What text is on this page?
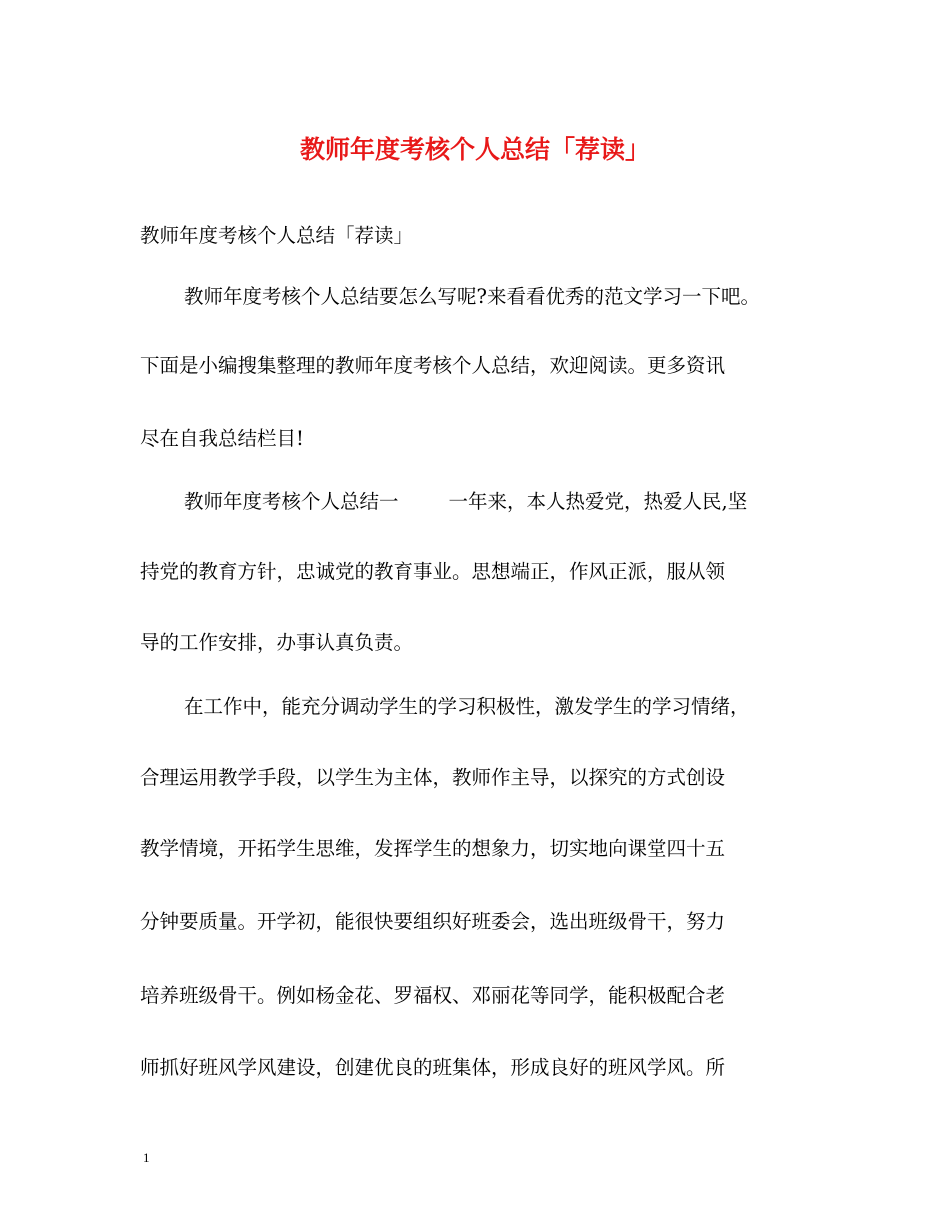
教师年度考核个人总结「荐读」
教师年度考核个人总结「荐读」
教师年度考核个人总结要怎么写呢?来看看优秀的范文学习一下吧。
下面是小编搜集整理的教师年度考核个人总结，欢迎阅读。更多资讯
尽在自我总结栏目!
教师年度考核个人总结一	一年来，本人热爱党，热爱人民,坚
持党的教育方针，忠诚党的教育事业。思想端正，作风正派，服从领
导的工作安排，办事认真负责。
在工作中，能充分调动学生的学习积极性，激发学生的学习情绪，
合理运用教学手段，以学生为主体，教师作主导，以探究的方式创设
教学情境，开拓学生思维，发挥学生的想象力，切实地向课堂四十五
分钟要质量。开学初，能很快要组织好班委会，选出班级骨干，努力
培养班级骨干。例如杨金花、罗福权、邓丽花等同学，能积极配合老
师抓好班风学风建设，创建优良的班集体，形成良好的班风学风。所
1
